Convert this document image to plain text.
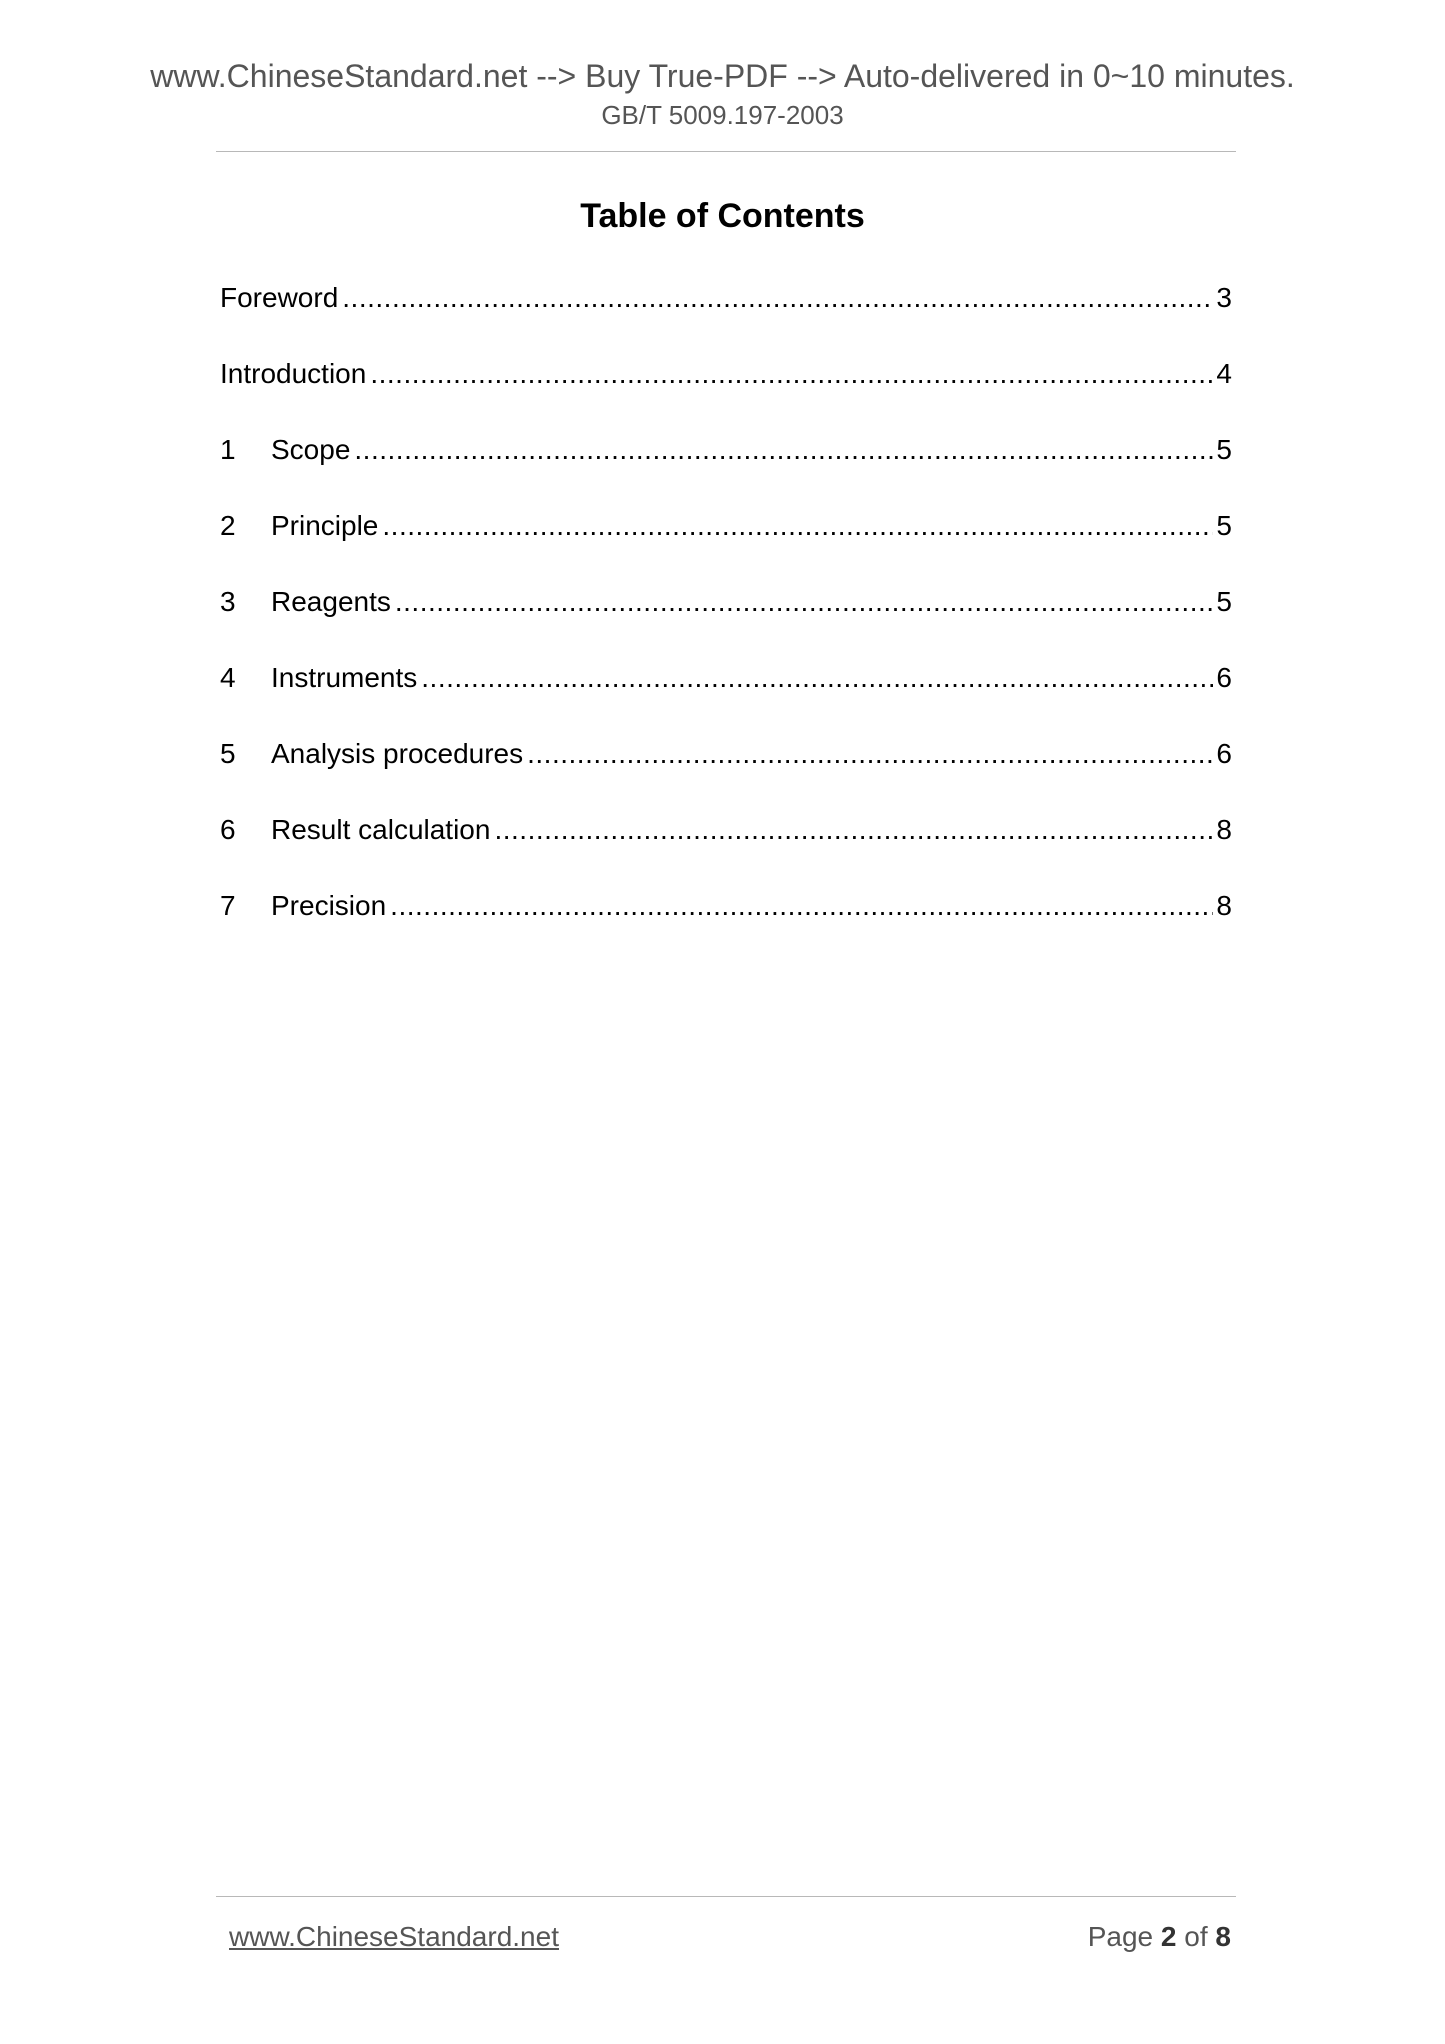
www.ChineseStandard.net --> Buy True-PDF --> Auto-delivered in 0~10 minutes.
GB/T 5009.197-2003
Table of Contents
Foreword .....	3
Introduction .....	4
1	Scope .....	5
2	Principle .....	5
3	Reagents .....	5
4	Instruments .....	6
5	Analysis procedures .....	6
6	Result calculation .....	8
7	Precision .....	8
www.ChineseStandard.net	Page 2 of 8
